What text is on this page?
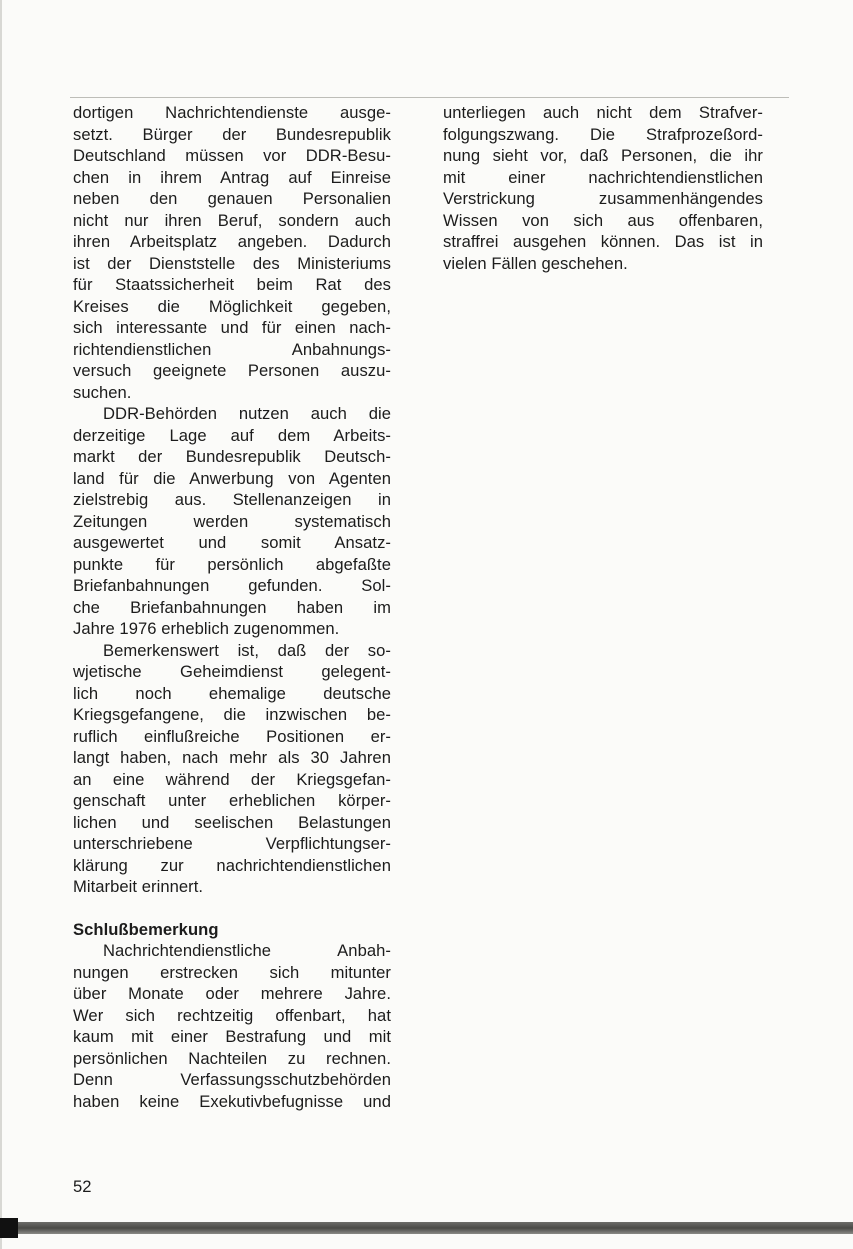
dortigen Nachrichtendienste ausge-
setzt. Bürger der Bundesrepublik
Deutschland müssen vor DDR-Besu-
chen in ihrem Antrag auf Einreise
neben den genauen Personalien
nicht nur ihren Beruf, sondern auch
ihren Arbeitsplatz angeben. Dadurch
ist der Dienststelle des Ministeriums
für Staatssicherheit beim Rat des
Kreises die Möglichkeit gegeben,
sich interessante und für einen nach-
richtendienstlichen Anbahnungs-
versuch geeignete Personen auszu-
suchen.

DDR-Behörden nutzen auch die
derzeitige Lage auf dem Arbeits-
markt der Bundesrepublik Deutsch-
land für die Anwerbung von Agenten
zielstrebig aus. Stellenanzeigen in
Zeitungen werden systematisch
ausgewertet und somit Ansatz-
punkte für persönlich abgefaßte
Briefanbahnungen gefunden. Sol-
che Briefanbahnungen haben im
Jahre 1976 erheblich zugenommen.

Bemerkenswert ist, daß der so-
wjetische Geheimdienst gelegent-
lich noch ehemalige deutsche
Kriegsgefangene, die inzwischen be-
ruflich einflußreiche Positionen er-
langt haben, nach mehr als 30 Jahren
an eine während der Kriegsgefan-
genschaft unter erheblichen körper-
lichen und seelischen Belastungen
unterschriebene Verpflichtungser-
klärung zur nachrichtendienstlichen
Mitarbeit erinnert.

Schlußbemerkung

Nachrichtendienstliche Anbah-
nungen erstrecken sich mitunter
über Monate oder mehrere Jahre.
Wer sich rechtzeitig offenbart, hat
kaum mit einer Bestrafung und mit
persönlichen Nachteilen zu rechnen.
Denn Verfassungsschutzbehörden
haben keine Exekutivbefugnisse und

unterliegen auch nicht dem Strafver-
folgungszwang. Die Strafprozeßord-
nung sieht vor, daß Personen, die ihr
mit einer nachrichtendienstlichen
Verstrickung zusammenhängendes
Wissen von sich aus offenbaren,
straffrei ausgehen können. Das ist in
vielen Fällen geschehen.

52
